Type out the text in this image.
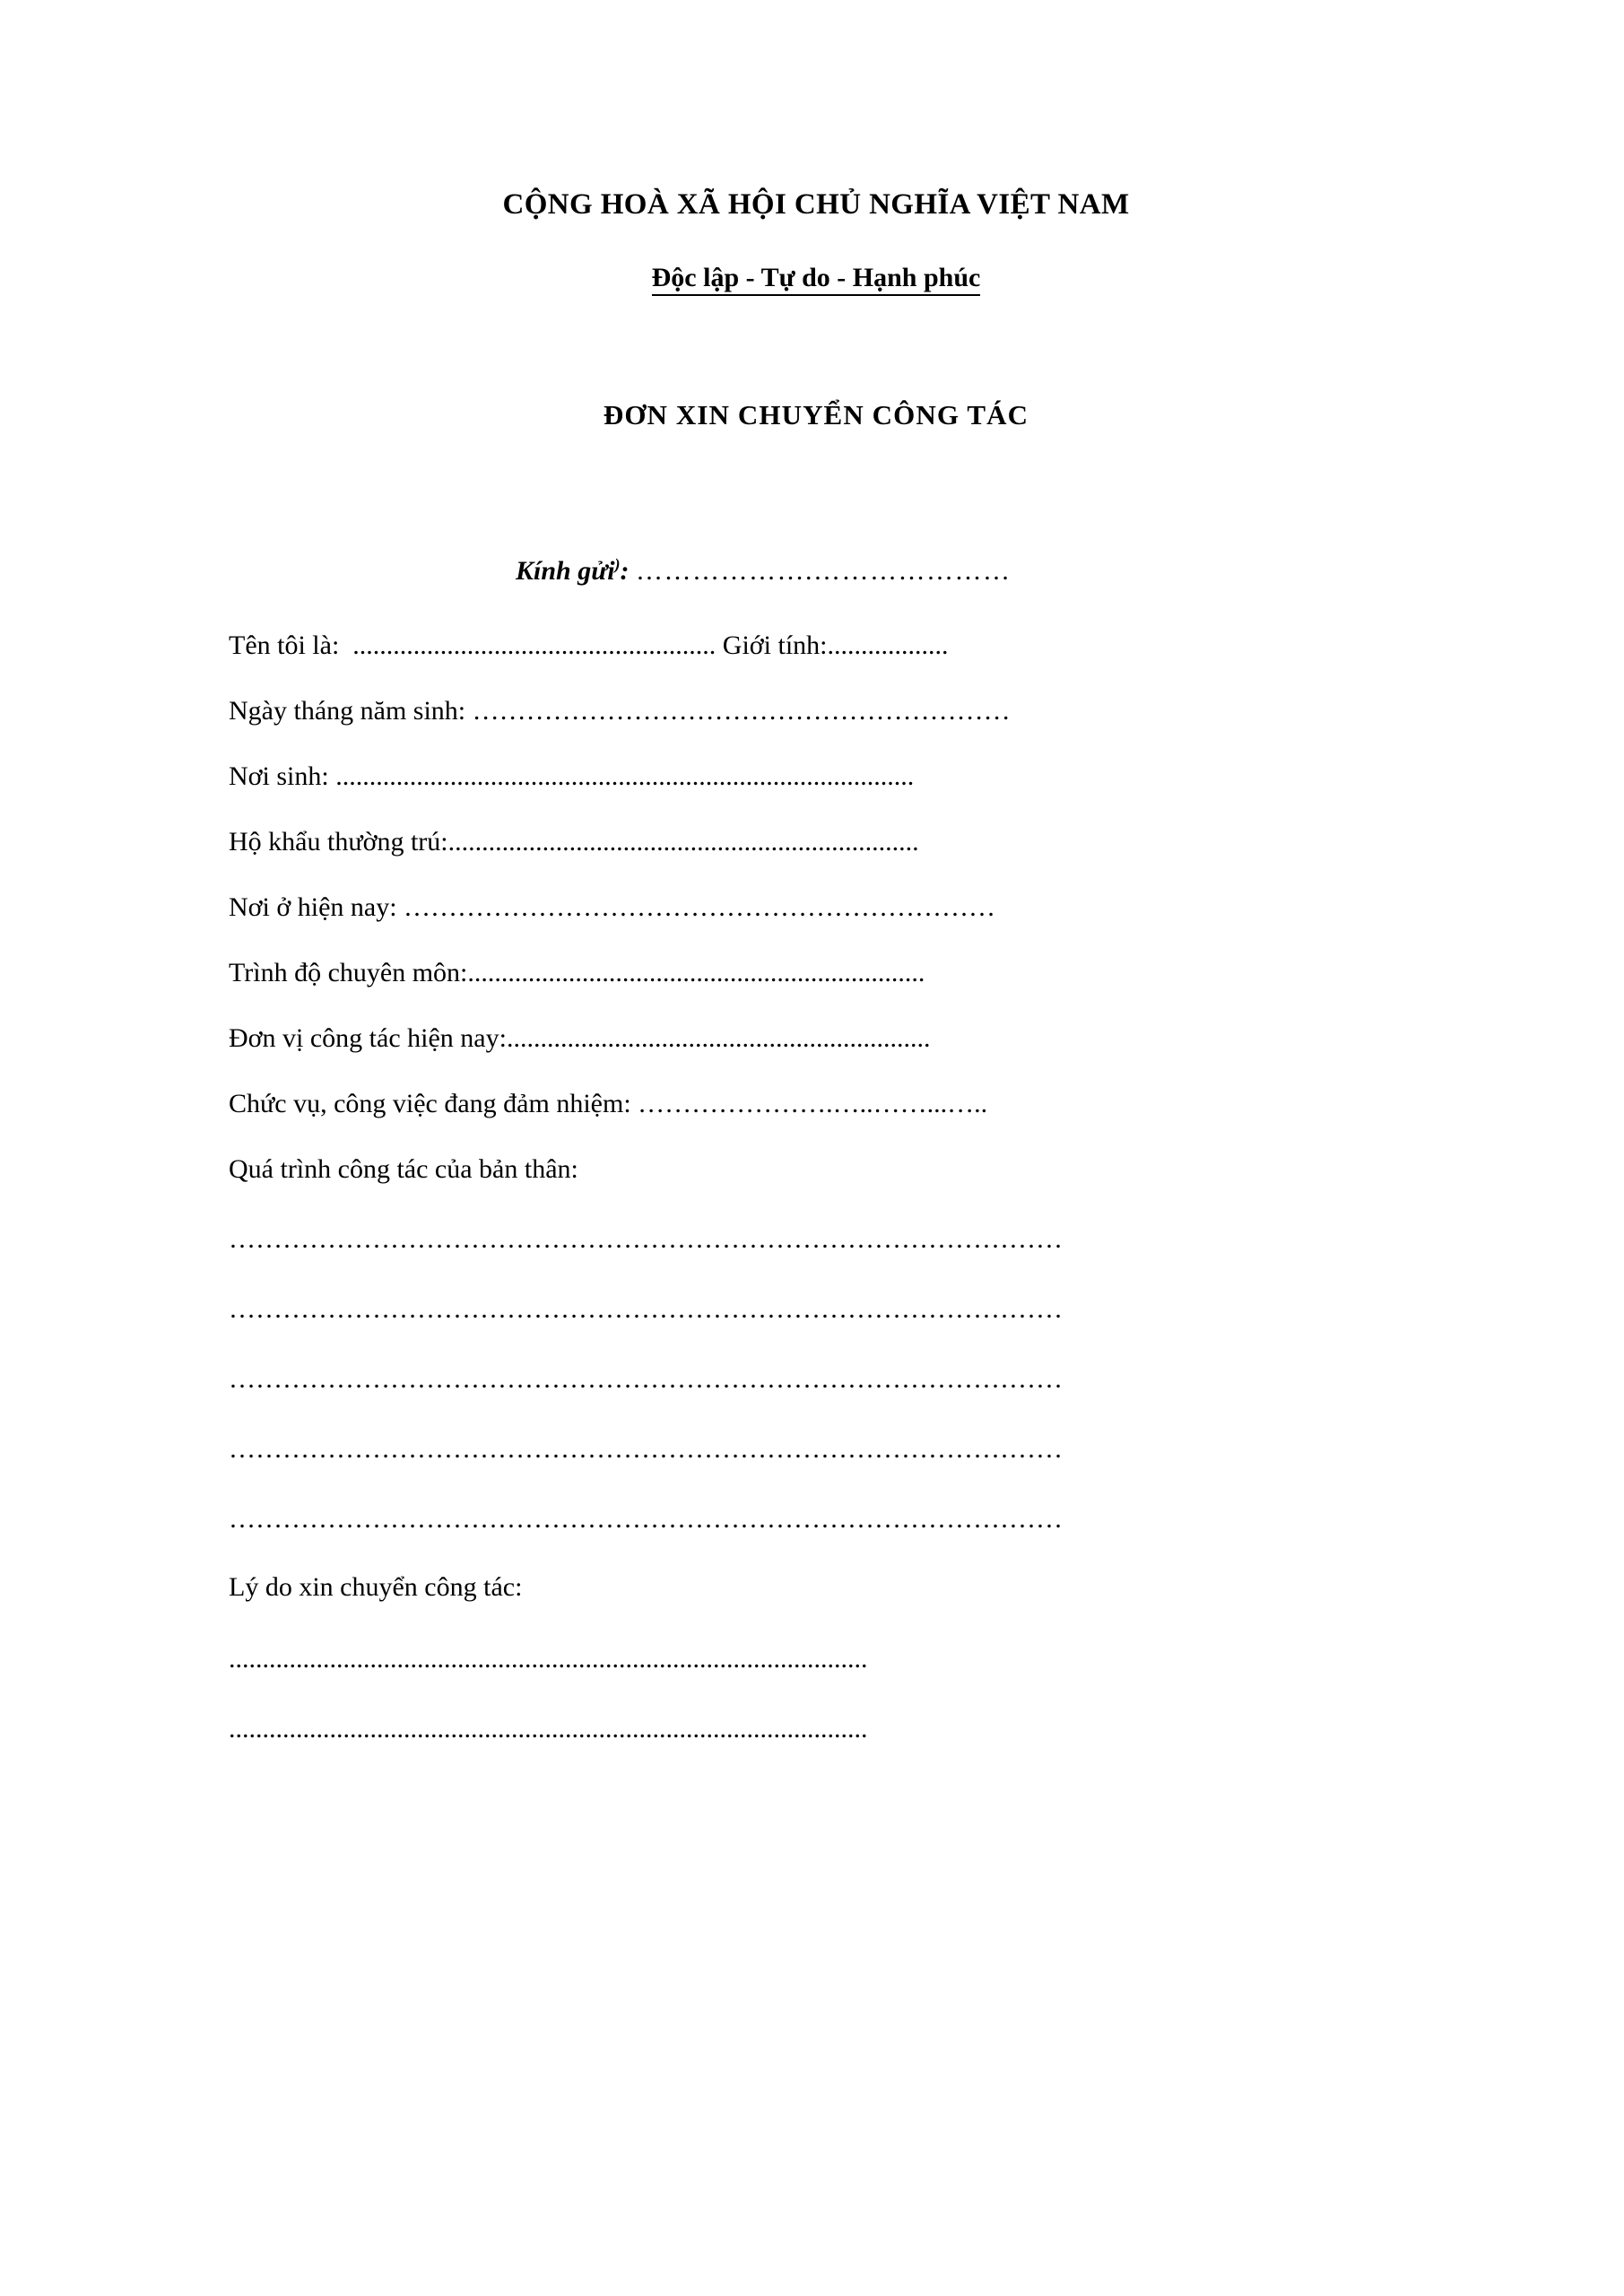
CỘNG HOÀ XÃ HỘI CHỦ NGHĨA VIỆT NAM
Độc lập - Tự do - Hạnh phúc
ĐƠN XIN CHUYỂN CÔNG TÁC
Kính gửi): ……………….…………………
Tên tôi là:  ...................................................... Giới tính:..................
Ngày tháng năm sinh: ……………………………………………………
Nơi sinh: ......................................................................................
Hộ khẩu thường trú:......................................................................
Nơi ở hiện nay: …………………………………………………………
Trình độ chuyên môn:....................................................................
Đơn vị công tác hiện nay:...............................................................
Chức vụ, công việc đang đảm nhiệm: ………………….…..……...…..
Quá trình công tác của bản thân:
…………………………………………………………………………………
…………………………………………………………………………………
…………………………………………………………………………………
…………………………………………………………………………………
…………………………………………………………………………………
Lý do xin chuyển công tác:
...............................................................................................
...............................................................................................
